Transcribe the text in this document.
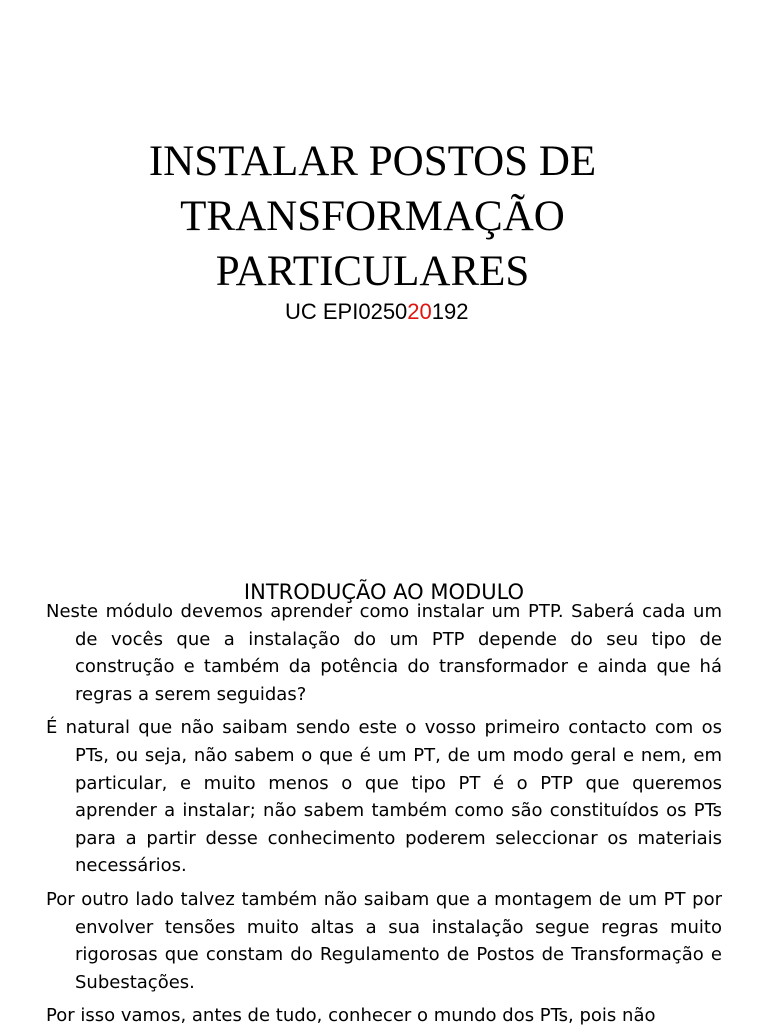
INSTALAR POSTOS DE
TRANSFORMAÇÃO
PARTICULARES
UC EPI025020192
INTRODUÇÃO AO MODULO

Neste módulo devemos aprender como instalar um PTP. Saberá cada um de vocês que a instalação do um PTP depende do seu tipo de construção e também da potência do transformador e ainda que há regras a serem seguidas?

É natural que não saibam sendo este o vosso primeiro contacto com os PTs, ou seja, não sabem o que é um PT, de um modo geral e nem, em particular, e muito menos o que tipo PT é o PTP que queremos aprender a instalar; não sabem também como são constituídos os PTs para a partir desse conhecimento poderem seleccionar os materiais necessários.

Por outro lado talvez também não saibam que a montagem de um PT por envolver tensões muito altas a sua instalação segue regras muito rigorosas que constam do Regulamento de Postos de Transformação e Subestações.

Por isso vamos, antes de tudo, conhecer o mundo dos PTs, pois não
